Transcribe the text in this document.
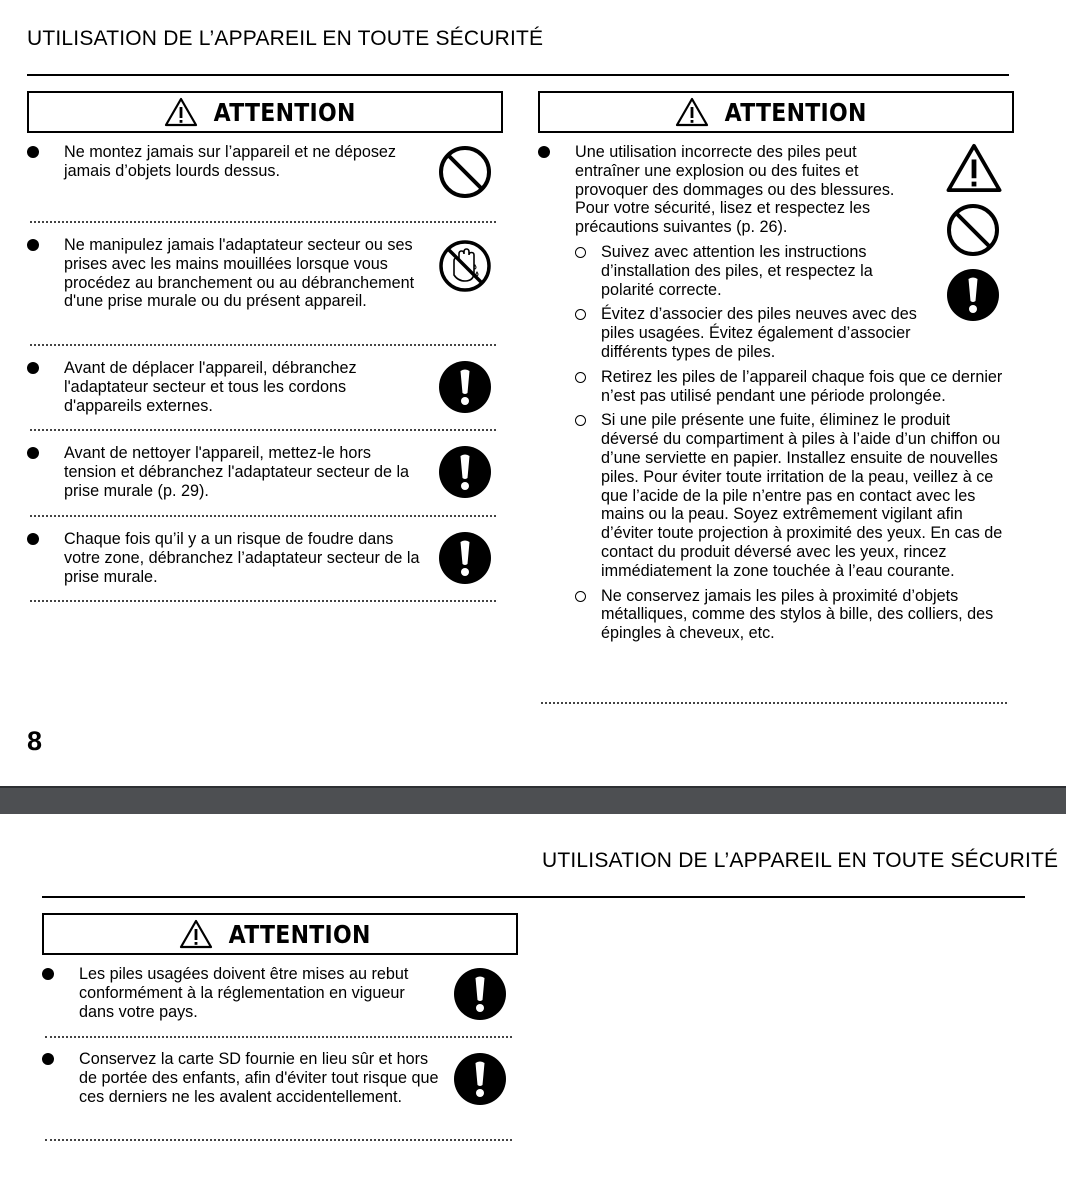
UTILISATION DE L’APPAREIL EN TOUTE SÉCURITÉ
ATTENTION
Ne montez jamais sur l’appareil et ne déposez jamais d’objets lourds dessus.
Ne manipulez jamais l'adaptateur secteur ou ses prises avec les mains mouillées lorsque vous procédez au branchement ou au débranchement d'une prise murale ou du présent appareil.
Avant de déplacer l'appareil, débranchez l'adaptateur secteur et tous les cordons d'appareils externes.
Avant de nettoyer l'appareil, mettez-le hors tension et débranchez l'adaptateur secteur de la prise murale (p. 29).
Chaque fois qu’il y a un risque de foudre dans votre zone, débranchez l’adaptateur secteur de la prise murale.
ATTENTION
Une utilisation incorrecte des piles peut entraîner une explosion ou des fuites et provoquer des dommages ou des blessures. Pour votre sécurité, lisez et respectez les précautions suivantes (p. 26).
Suivez avec attention les instructions d’installation des piles, et respectez la polarité correcte.
Évitez d’associer des piles neuves avec des piles usagées. Évitez également d’associer différents types de piles.
Retirez les piles de l’appareil chaque fois que ce dernier n’est pas utilisé pendant une période prolongée.
Si une pile présente une fuite, éliminez le produit déversé du compartiment à piles à l’aide d’un chiffon ou d’une serviette en papier. Installez ensuite de nouvelles piles. Pour éviter toute irritation de la peau, veillez à ce que l’acide de la pile n’entre pas en contact avec les mains ou la peau. Soyez extrêmement vigilant afin d’éviter toute projection à proximité des yeux. En cas de contact du produit déversé avec les yeux, rincez immédiatement la zone touchée à l’eau courante.
Ne conservez jamais les piles à proximité d’objets métalliques, comme des stylos à bille, des colliers, des épingles à cheveux, etc.
8
UTILISATION DE L’APPAREIL EN TOUTE SÉCURITÉ
ATTENTION
Les piles usagées doivent être mises au rebut conformément à la réglementation en vigueur dans votre pays.
Conservez la carte SD fournie en lieu sûr et hors de portée des enfants, afin d'éviter tout risque que ces derniers ne les avalent accidentellement.
